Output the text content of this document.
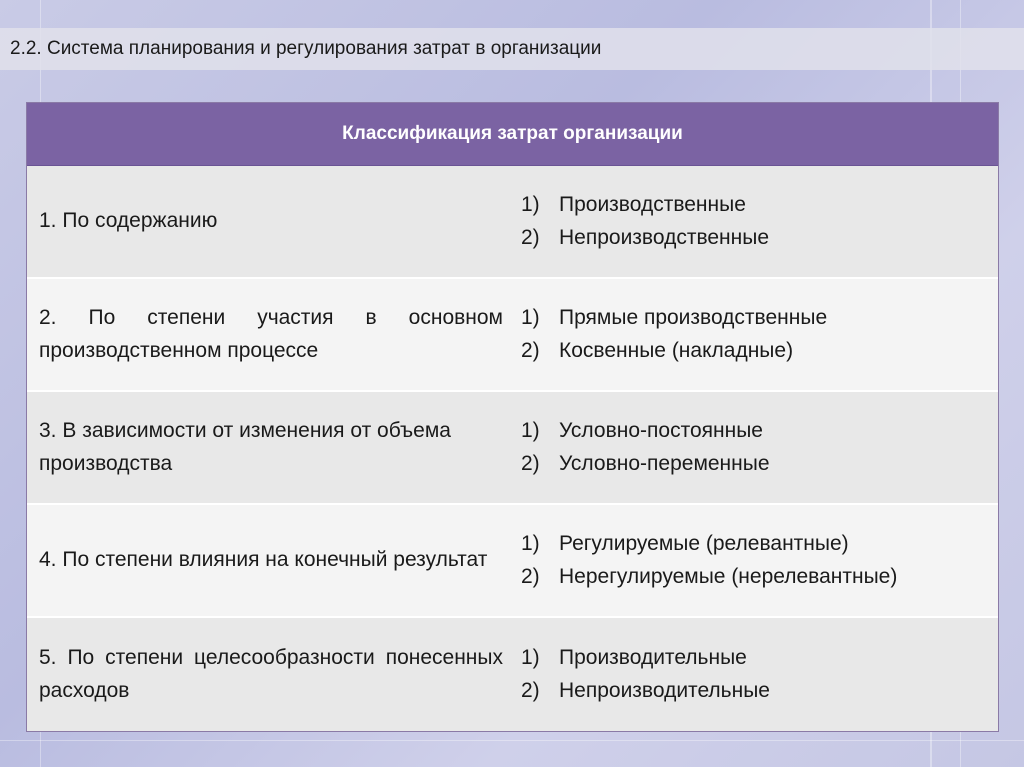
2.2. Система планирования и регулирования затрат в организации
Классификация затрат организации
1. По содержанию
1) Производственные
2) Непроизводственные
2. По степени участия в основном производственном процессе
1) Прямые производственные
2) Косвенные (накладные)
3. В зависимости от изменения от объема производства
1) Условно-постоянные
2) Условно-переменные
4. По степени влияния на конечный результат
1) Регулируемые (релевантные)
2) Нерегулируемые (нерелевантные)
5. По степени целесообразности понесенных расходов
1) Производительные
2) Непроизводительные
